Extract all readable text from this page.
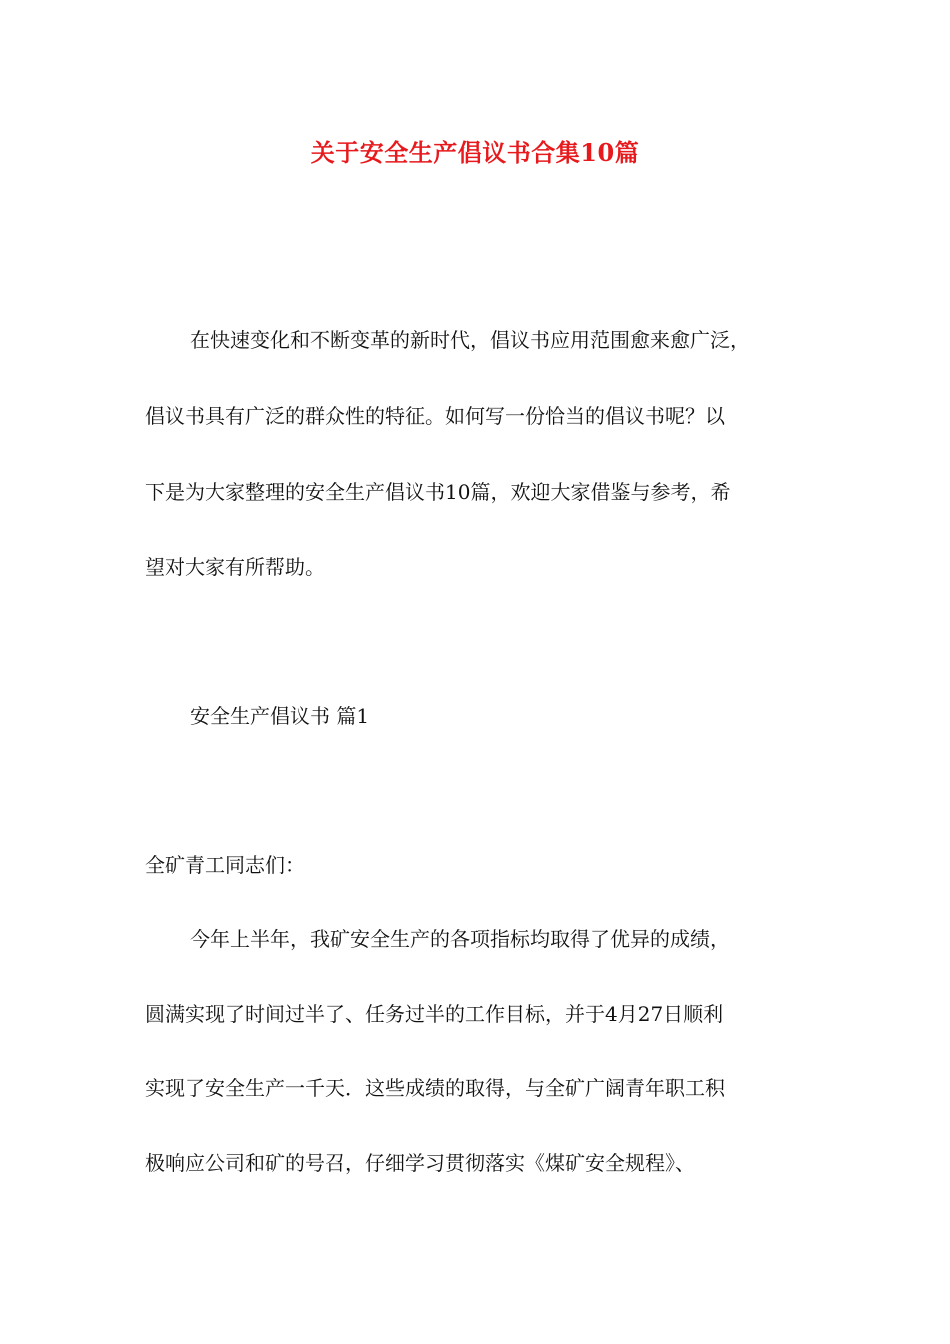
关于安全生产倡议书合集10篇
在快速变化和不断变革的新时代，倡议书应用范围愈来愈广泛，
倡议书具有广泛的群众性的特征。如何写一份恰当的倡议书呢？以
下是为大家整理的安全生产倡议书10篇，欢迎大家借鉴与参考，希
望对大家有所帮助。
安全生产倡议书 篇1
全矿青工同志们：
今年上半年，我矿安全生产的各项指标均取得了优异的成绩，
圆满实现了时间过半了、任务过半的工作目标，并于4月27日顺利
实现了安全生产一千天．这些成绩的取得，与全矿广阔青年职工积
极响应公司和矿的号召，仔细学习贯彻落实《煤矿安全规程》、
